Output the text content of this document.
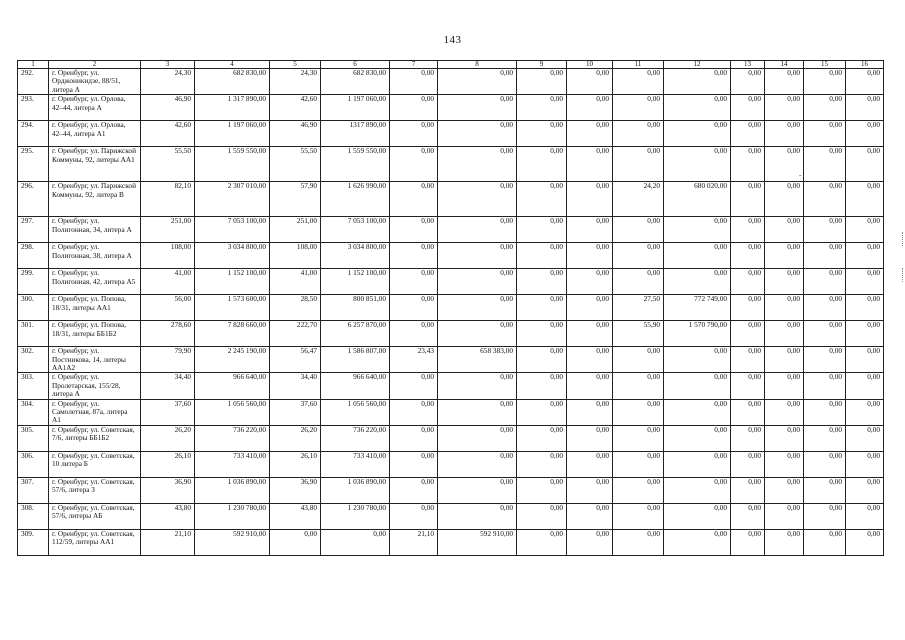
143
1	2	3	4	5	6	7	8	9	10	11	12	13	14	15	16
292.	г. Оренбург, ул. Орджоникидзе, 88/51, литера А	24,30	682 830,00	24,30	682 830,00	0,00	0,00	0,00	0,00	0,00	0,00	0,00	0,00	0,00	0,00
293.	г. Оренбург, ул. Орлова, 42–44, литера А	46,90	1 317 890,00	42,60	1 197 060,00	0,00	0,00	0,00	0,00	0,00	0,00	0,00	0,00	0,00	0,00
294.	г. Оренбург, ул. Орлова, 42–44, литера А1	42,60	1 197 060,00	46,90	1317 890,00	0,00	0,00	0,00	0,00	0,00	0,00	0,00	0,00	0,00	0,00
295.	г. Оренбург, ул. Парижской Коммуны, 92, литеры АА1	55,50	1 559 550,00	55,50	1 559 550,00	0,00	0,00	0,00	0,00	0,00	0,00	0,00	0,00	0,00	0,00
296.	г. Оренбург, ул. Парижской Коммуны, 92, литера В	82,10	2 307 010,00	57,90	1 626 990,00	0,00	0,00	0,00	0,00	24,20	680 020,00	0,00	0,00	0,00	0,00
297.	г. Оренбург, ул. Полигонная, 34, литера А	251,00	7 053 100,00	251,00	7 053 100,00	0,00	0,00	0,00	0,00	0,00	0,00	0,00	0,00	0,00	0,00
298.	г. Оренбург, ул. Полигонная, 38, литера А	108,00	3 034 800,00	108,00	3 034 800,00	0,00	0,00	0,00	0,00	0,00	0,00	0,00	0,00	0,00	0,00
299.	г. Оренбург, ул. Полигонная, 42, литера А5	41,00	1 152 100,00	41,00	1 152 100,00	0,00	0,00	0,00	0,00	0,00	0,00	0,00	0,00	0,00	0,00
300.	г. Оренбург, ул. Попова, 18/31, литеры АА1	56,00	1 573 600,00	28,50	800 851,00	0,00	0,00	0,00	0,00	27,50	772 749,00	0,00	0,00	0,00	0,00
301.	г. Оренбург, ул. Попова, 18/31, литеры ББ1Б2	278,60	7 828 660,00	222,70	6 257 870,00	0,00	0,00	0,00	0,00	55,90	1 570 790,00	0,00	0,00	0,00	0,00
302.	г. Оренбург, ул. Постникова, 14, литеры АА1А2	79,90	2 245 190,00	56,47	1 586 807,00	23,43	658 383,00	0,00	0,00	0,00	0,00	0,00	0,00	0,00	0,00
303.	г. Оренбург, ул. Пролетарская, 155/28, литера А	34,40	966 640,00	34,40	966 640,00	0,00	0,00	0,00	0,00	0,00	0,00	0,00	0,00	0,00	0,00
304.	г. Оренбург, ул. Самолетная, 87а, литера А1	37,60	1 056 560,00	37,60	1 056 560,00	0,00	0,00	0,00	0,00	0,00	0,00	0,00	0,00	0,00	0,00
305.	г. Оренбург, ул. Советская, 7/6, литеры ББ1Б2	26,20	736 220,00	26,20	736 220,00	0,00	0,00	0,00	0,00	0,00	0,00	0,00	0,00	0,00	0,00
306.	г. Оренбург, ул. Советская, 10 литера Б	26,10	733 410,00	26,10	733 410,00	0,00	0,00	0,00	0,00	0,00	0,00	0,00	0,00	0,00	0,00
307.	г. Оренбург, ул. Советская, 57/6, литера З	36,90	1 036 890,00	36,90	1 036 890,00	0,00	0,00	0,00	0,00	0,00	0,00	0,00	0,00	0,00	0,00
308.	г. Оренбург, ул. Советская, 57/6, литеры АБ	43,80	1 230 780,00	43,80	1 230 780,00	0,00	0,00	0,00	0,00	0,00	0,00	0,00	0,00	0,00	0,00
309.	г. Оренбург, ул. Советская, 112/59, литеры АА1	21,10	592 910,00	0,00	0,00	21,10	592 910,00	0,00	0,00	0,00	0,00	0,00	0,00	0,00	0,00
-
